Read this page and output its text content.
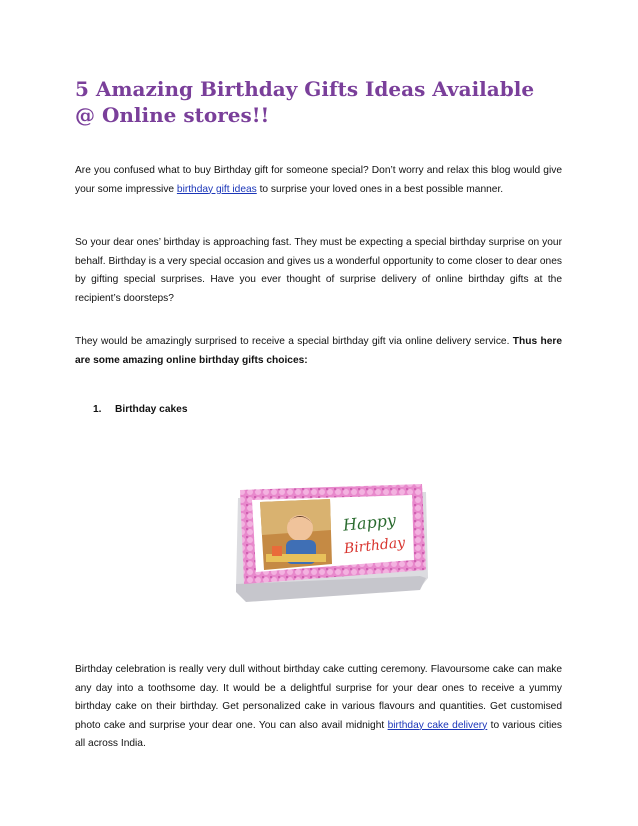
5 Amazing Birthday Gifts Ideas Available @ Online stores!!

Are you confused what to buy Birthday gift for someone special? Don’t worry and relax this blog would give your some impressive birthday gift ideas to surprise your loved ones in a best possible manner.

So your dear ones’ birthday is approaching fast. They must be expecting a special birthday surprise on your behalf. Birthday is a very special occasion and gives us a wonderful opportunity to come closer to dear ones by gifting special surprises. Have you ever thought of surprise delivery of online birthday gifts at the recipient’s doorsteps?

They would be amazingly surprised to receive a special birthday gift via online delivery service. Thus here are some amazing online birthday gifts choices:

1. Birthday cakes
Happy
Birthday

Birthday celebration is really very dull without birthday cake cutting ceremony. Flavoursome cake can make any day into a toothsome day. It would be a delightful surprise for your dear ones to receive a yummy birthday cake on their birthday. Get personalized cake in various flavours and quantities. Get customised photo cake and surprise your dear one. You can also avail midnight birthday cake delivery to various cities all across India.
